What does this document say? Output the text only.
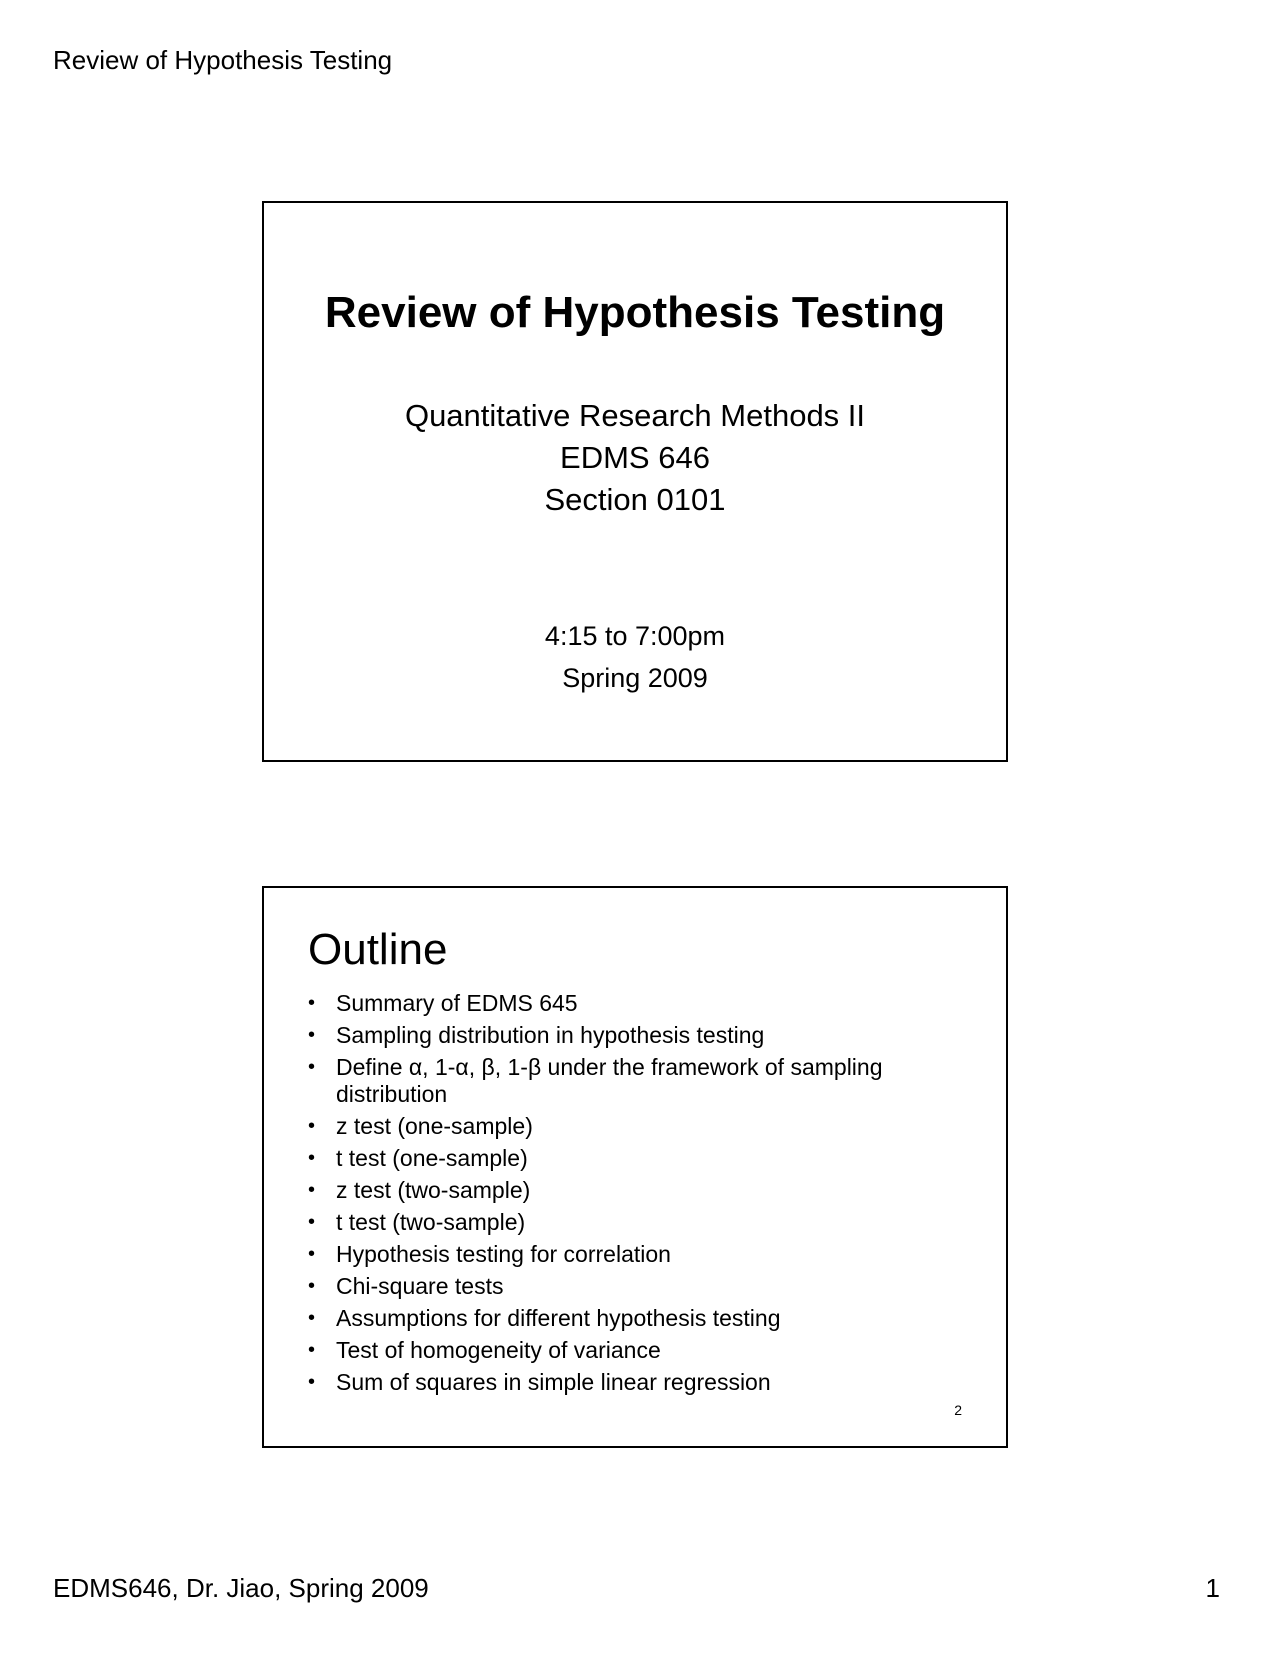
Review of Hypothesis Testing
Review of Hypothesis Testing
Quantitative Research Methods II
EDMS 646
Section 0101
4:15 to 7:00pm
Spring 2009
Outline
• Summary of EDMS 645
• Sampling distribution in hypothesis testing
• Define α, 1-α, β, 1-β under the framework of sampling distribution
• z test (one-sample)
• t test (one-sample)
• z test (two-sample)
• t test (two-sample)
• Hypothesis testing for correlation
• Chi-square tests
• Assumptions for different hypothesis testing
• Test of homogeneity of variance
• Sum of squares in simple linear regression
2
EDMS646, Dr. Jiao, Spring 2009	1
